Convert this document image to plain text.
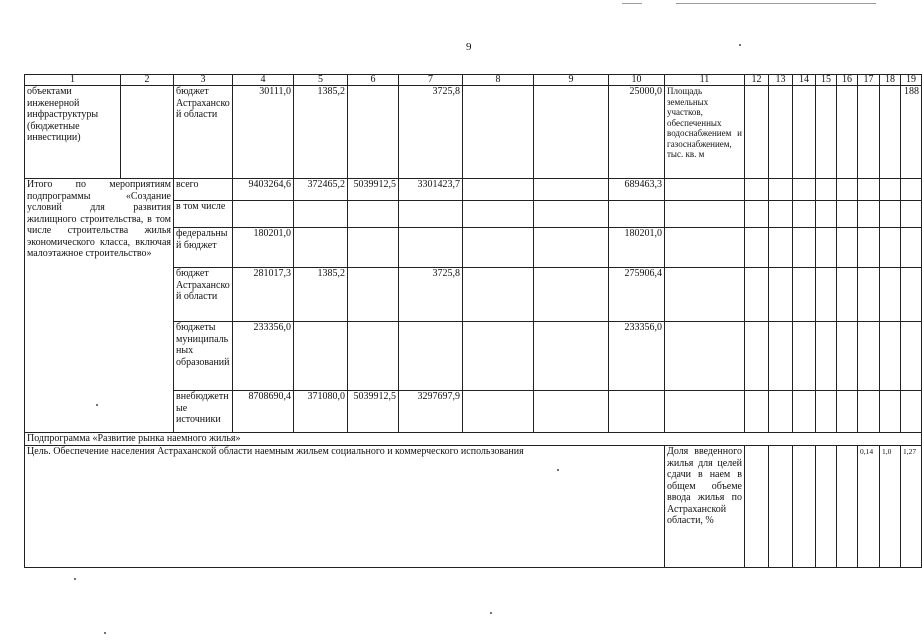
9
1	2	3	4	5	6	7	8	9	10	11	12	13	14	15	16	17	18	19
объектами инженерной инфраструктуры (бюджетные инвестиции)		бюджет Астраханской области	30111,0	1385,2		3725,8			25000,0	Площадь земельных участков, обеспеченных водоснабжением и газоснабжением, тыс. кв. м								188
Итого по мероприятиям подпрограммы «Создание условий для развития жилищного строительства, в том числе строительства жилья экономического класса, включая малоэтажное строительство»		всего	9403264,6	372465,2	5039912,5	3301423,7			689463,3									
		в том числе																
		федеральный бюджет	180201,0						180201,0									
		бюджет Астраханской области	281017,3	1385,2		3725,8			275906,4									
		бюджеты муниципальных образований	233356,0						233356,0									
		внебюджетные источники	8708690,4	371080,0	5039912,5	3297697,9												
Подпрограмма «Развитие рынка наемного жилья»																		
Цель. Обеспечение населения Астраханской области наемным жильем социального и коммерческого использования										Доля введенного жилья для целей сдачи в наем в общем объеме ввода жилья по Астраханской области, %						0,14	1,0	1,27
